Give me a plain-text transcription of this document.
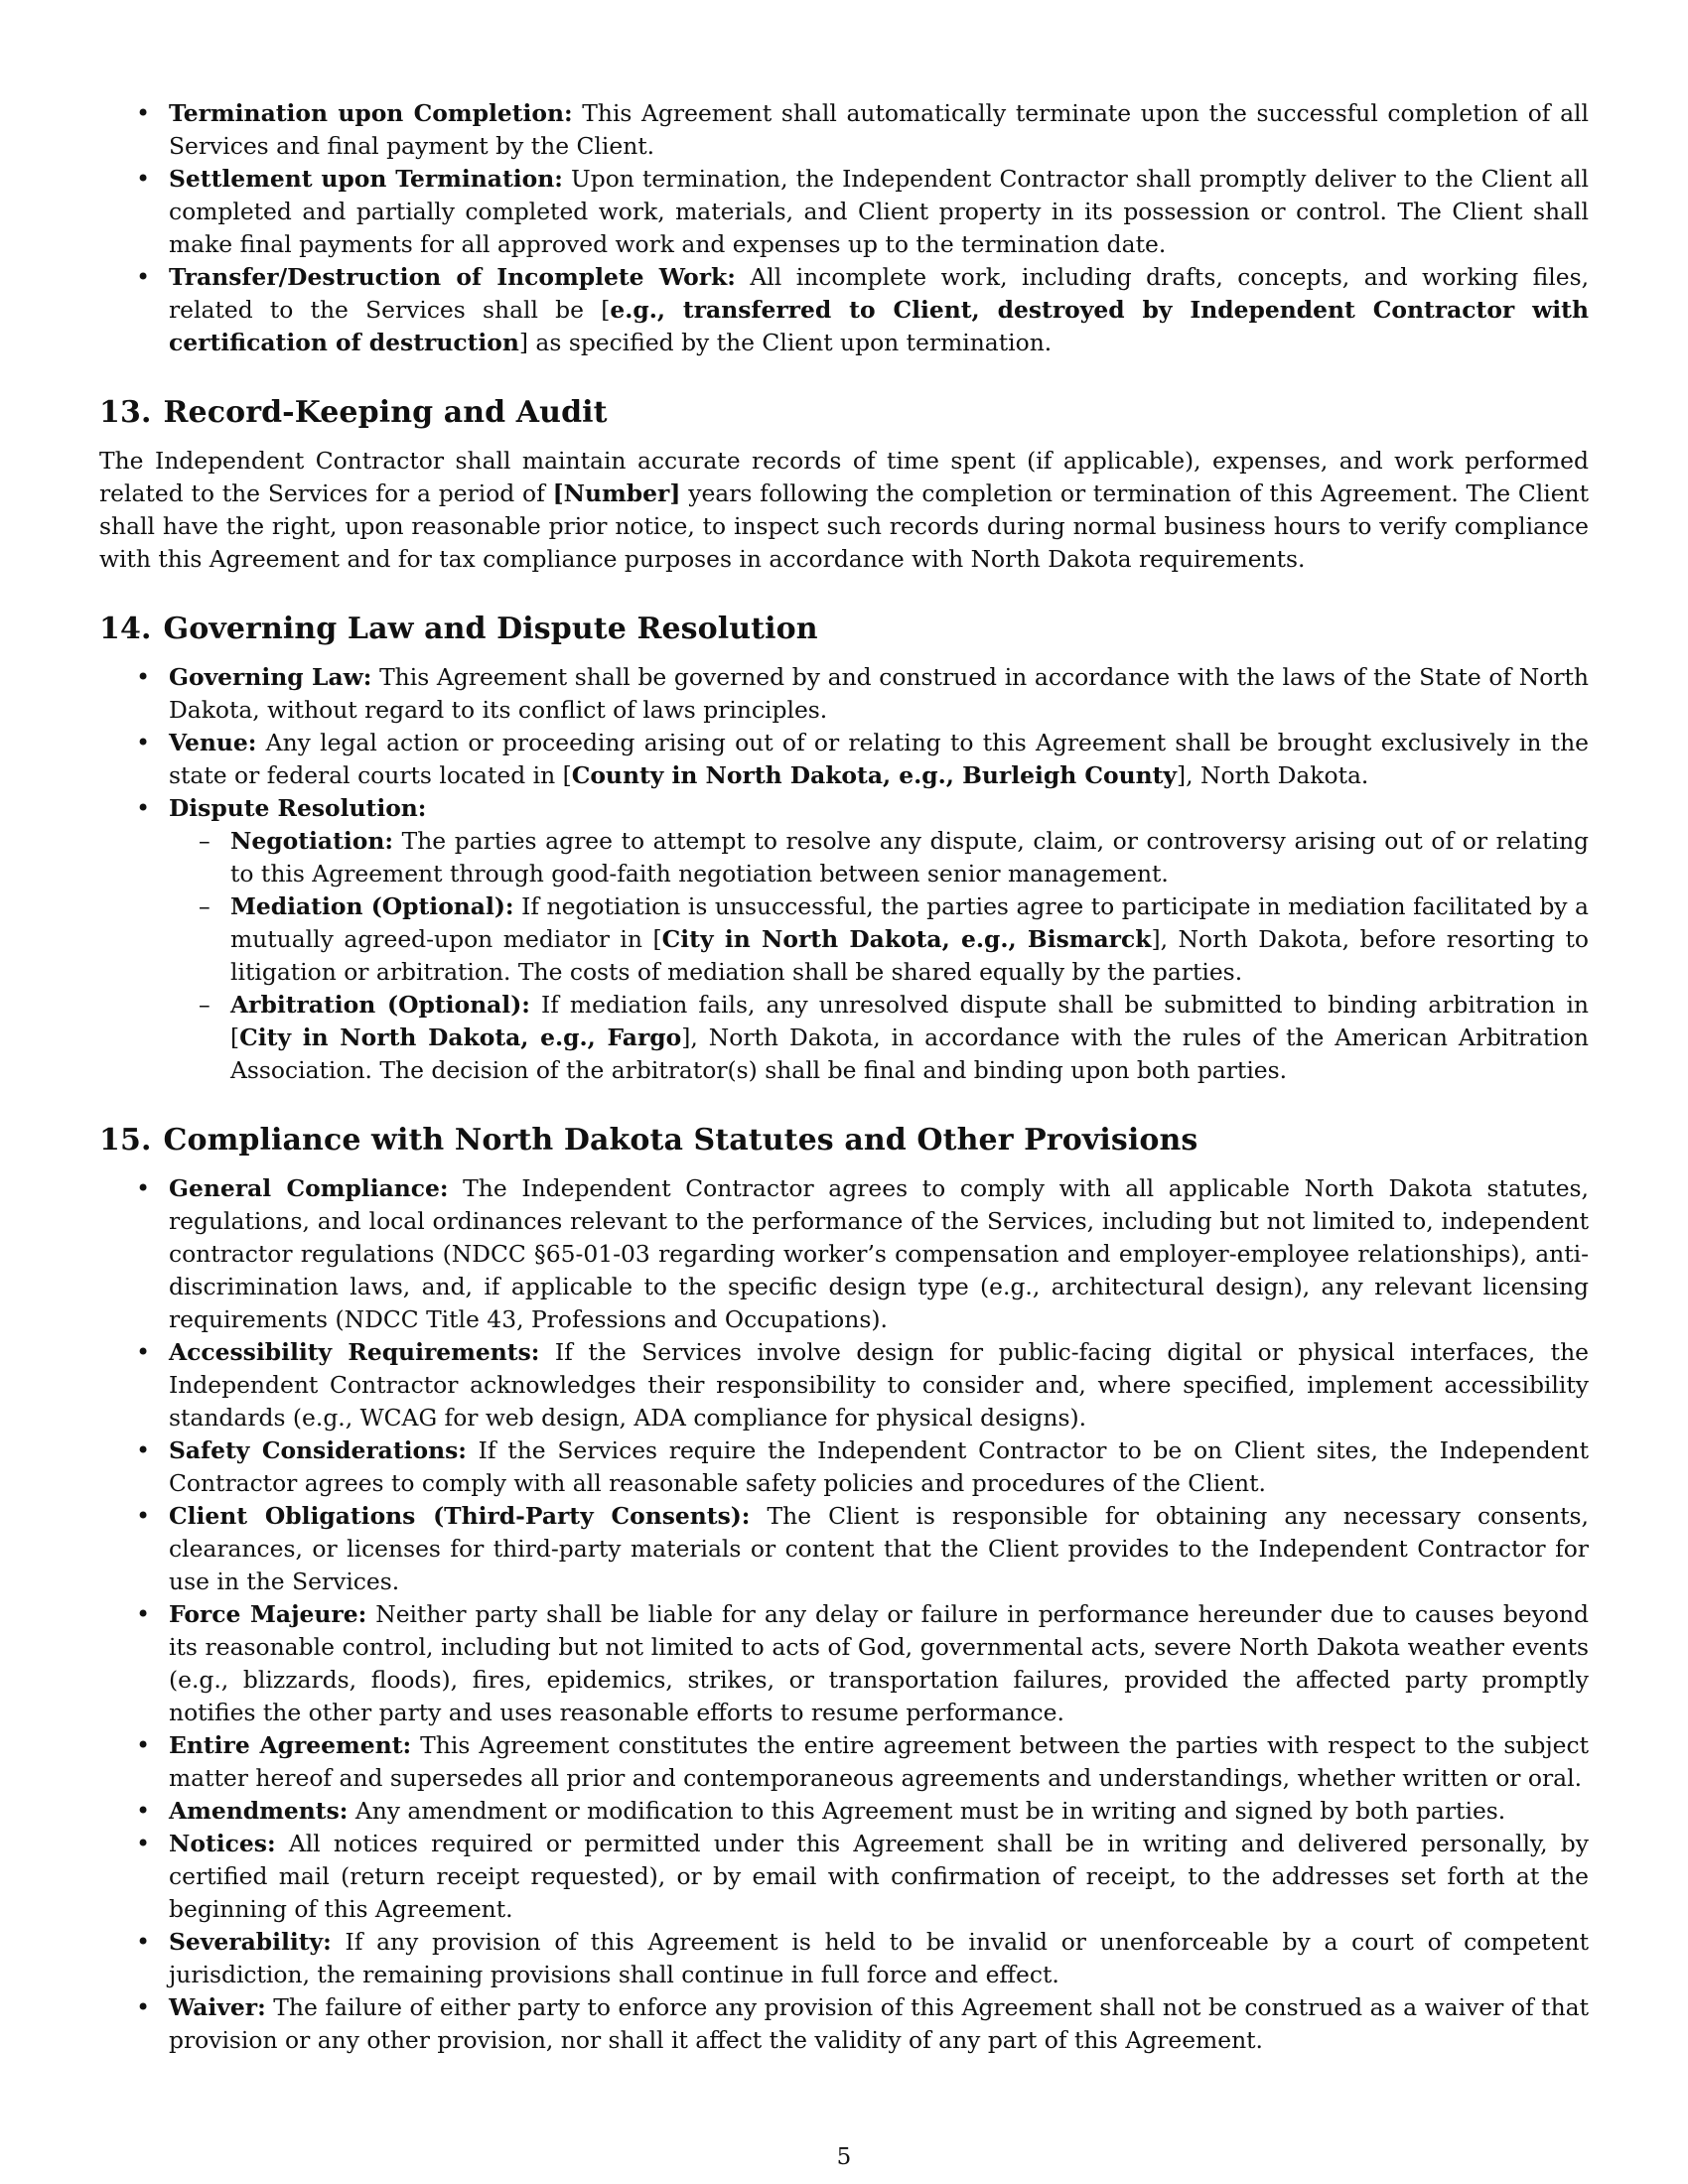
• Termination upon Completion: This Agreement shall automatically terminate upon the successful completion of all Services and final payment by the Client.
• Settlement upon Termination: Upon termination, the Independent Contractor shall promptly deliver to the Client all completed and partially completed work, materials, and Client property in its possession or control. The Client shall make final payments for all approved work and expenses up to the termination date.
• Transfer/Destruction of Incomplete Work: All incomplete work, including drafts, concepts, and working files, related to the Services shall be [e.g., transferred to Client, destroyed by Independent Contractor with certification of destruction] as specified by the Client upon termination.
13. Record-Keeping and Audit

The Independent Contractor shall maintain accurate records of time spent (if applicable), expenses, and work performed related to the Services for a period of [Number] years following the completion or termination of this Agreement. The Client shall have the right, upon reasonable prior notice, to inspect such records during normal business hours to verify compliance with this Agreement and for tax compliance purposes in accordance with North Dakota requirements.

14. Governing Law and Dispute Resolution
• Governing Law: This Agreement shall be governed by and construed in accordance with the laws of the State of North Dakota, without regard to its conflict of laws principles.
• Venue: Any legal action or proceeding arising out of or relating to this Agreement shall be brought exclusively in the state or federal courts located in [County in North Dakota, e.g., Burleigh County], North Dakota.
• Dispute Resolution:
– Negotiation: The parties agree to attempt to resolve any dispute, claim, or controversy arising out of or relating to this Agreement through good-faith negotiation between senior management.
– Mediation (Optional): If negotiation is unsuccessful, the parties agree to participate in mediation facilitated by a mutually agreed-upon mediator in [City in North Dakota, e.g., Bismarck], North Dakota, before resorting to litigation or arbitration. The costs of mediation shall be shared equally by the parties.
– Arbitration (Optional): If mediation fails, any unresolved dispute shall be submitted to binding arbitration in [City in North Dakota, e.g., Fargo], North Dakota, in accordance with the rules of the American Arbitration Association. The decision of the arbitrator(s) shall be final and binding upon both parties.
15. Compliance with North Dakota Statutes and Other Provisions
• General Compliance: The Independent Contractor agrees to comply with all applicable North Dakota statutes, regulations, and local ordinances relevant to the performance of the Services, including but not limited to, independent contractor regulations (NDCC §65-01-03 regarding worker’s compensation and employer-employee relationships), anti-discrimination laws, and, if applicable to the specific design type (e.g., architectural design), any relevant licensing requirements (NDCC Title 43, Professions and Occupations).
• Accessibility Requirements: If the Services involve design for public-facing digital or physical interfaces, the Independent Contractor acknowledges their responsibility to consider and, where specified, implement accessibility standards (e.g., WCAG for web design, ADA compliance for physical designs).
• Safety Considerations: If the Services require the Independent Contractor to be on Client sites, the Independent Contractor agrees to comply with all reasonable safety policies and procedures of the Client.
• Client Obligations (Third-Party Consents): The Client is responsible for obtaining any necessary consents, clearances, or licenses for third-party materials or content that the Client provides to the Independent Contractor for use in the Services.
• Force Majeure: Neither party shall be liable for any delay or failure in performance hereunder due to causes beyond its reasonable control, including but not limited to acts of God, governmental acts, severe North Dakota weather events (e.g., blizzards, floods), fires, epidemics, strikes, or transportation failures, provided the affected party promptly notifies the other party and uses reasonable efforts to resume performance.
• Entire Agreement: This Agreement constitutes the entire agreement between the parties with respect to the subject matter hereof and supersedes all prior and contemporaneous agreements and understandings, whether written or oral.
• Amendments: Any amendment or modification to this Agreement must be in writing and signed by both parties.
• Notices: All notices required or permitted under this Agreement shall be in writing and delivered personally, by certified mail (return receipt requested), or by email with confirmation of receipt, to the addresses set forth at the beginning of this Agreement.
• Severability: If any provision of this Agreement is held to be invalid or unenforceable by a court of competent jurisdiction, the remaining provisions shall continue in full force and effect.
• Waiver: The failure of either party to enforce any provision of this Agreement shall not be construed as a waiver of that provision or any other provision, nor shall it affect the validity of any part of this Agreement.
5
